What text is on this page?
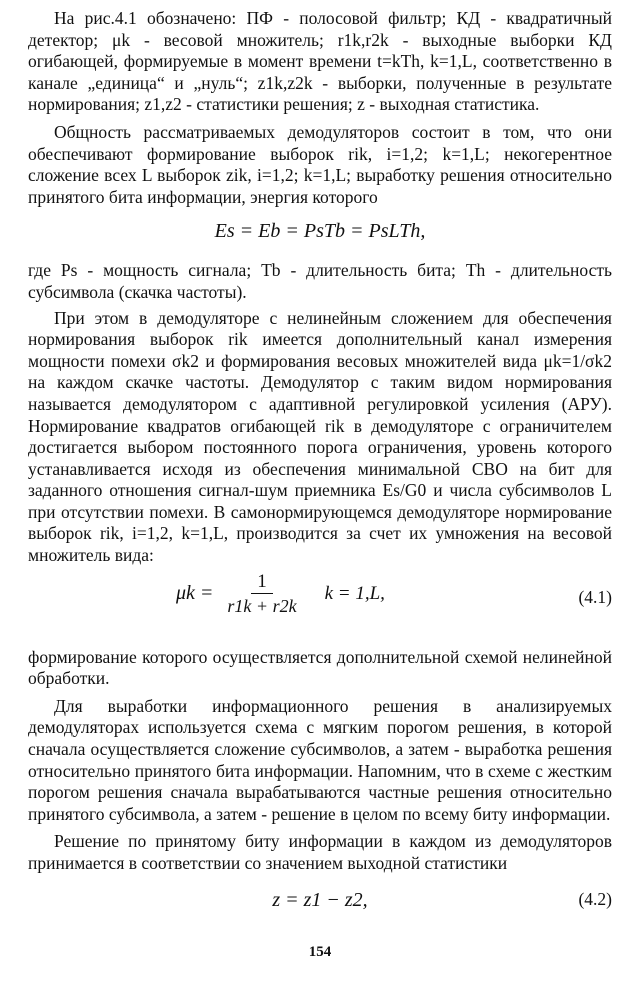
На рис.4.1 обозначено: ПФ - полосовой фильтр; КД - квадратичный детектор; μk - весовой множитель; r1k,r2k - выходные выборки КД огибающей, формируемые в момент времени t=kTh, k=1,L, соответственно в канале „единица“ и „нуль“; z1k,z2k - выборки, полученные в результате нормирования; z1,z2 - статистики решения; z - выходная статистика.

Общность рассматриваемых демодуляторов состоит в том, что они обеспечивают формирование выборок rik, i=1,2; k=1,L; некогерентное сложение всех L выборок zik, i=1,2; k=1,L; выработку решения относительно принятого бита информации, энергия которого

Es = Eb = PsTb = PsLTh,

где Ps - мощность сигнала; Tb - длительность бита; Th - длительность субсимвола (скачка частоты).

При этом в демодуляторе с нелинейным сложением для обеспечения нормирования выборок rik имеется дополнительный канал измерения мощности помехи σk2 и формирования весовых множителей вида μk=1/σk2 на каждом скачке частоты. Демодулятор с таким видом нормирования называется демодулятором с адаптивной регулировкой усиления (АРУ). Нормирование квадратов огибающей rik в демодуляторе с ограничителем достигается выбором постоянного порога ограничения, уровень которого устанавливается исходя из обеспечения минимальной СВО на бит для заданного отношения сигнал-шум приемника Es/G0 и числа субсимволов L при отсутствии помехи. В самонормирующемся демодуляторе нормирование выборок rik, i=1,2, k=1,L, производится за счет их умножения на весовой множитель вида:

$\mu k = \frac{1}{r1k + r2k}$ k = 1,L,	(4.1)

формирование которого осуществляется дополнительной схемой нелинейной обработки.

Для выработки информационного решения в анализируемых демодуляторах используется схема с мягким порогом решения, в которой сначала осуществляется сложение субсимволов, а затем - выработка решения относительно принятого бита информации. Напомним, что в схеме с жестким порогом решения сначала вырабатываются частные решения относительно принятого субсимвола, а затем - решение в целом по всему биту информации.

Решение по принятому биту информации в каждом из демодуляторов принимается в соответствии со значением выходной статистики

z = z1 − z2,	(4.2)
154
